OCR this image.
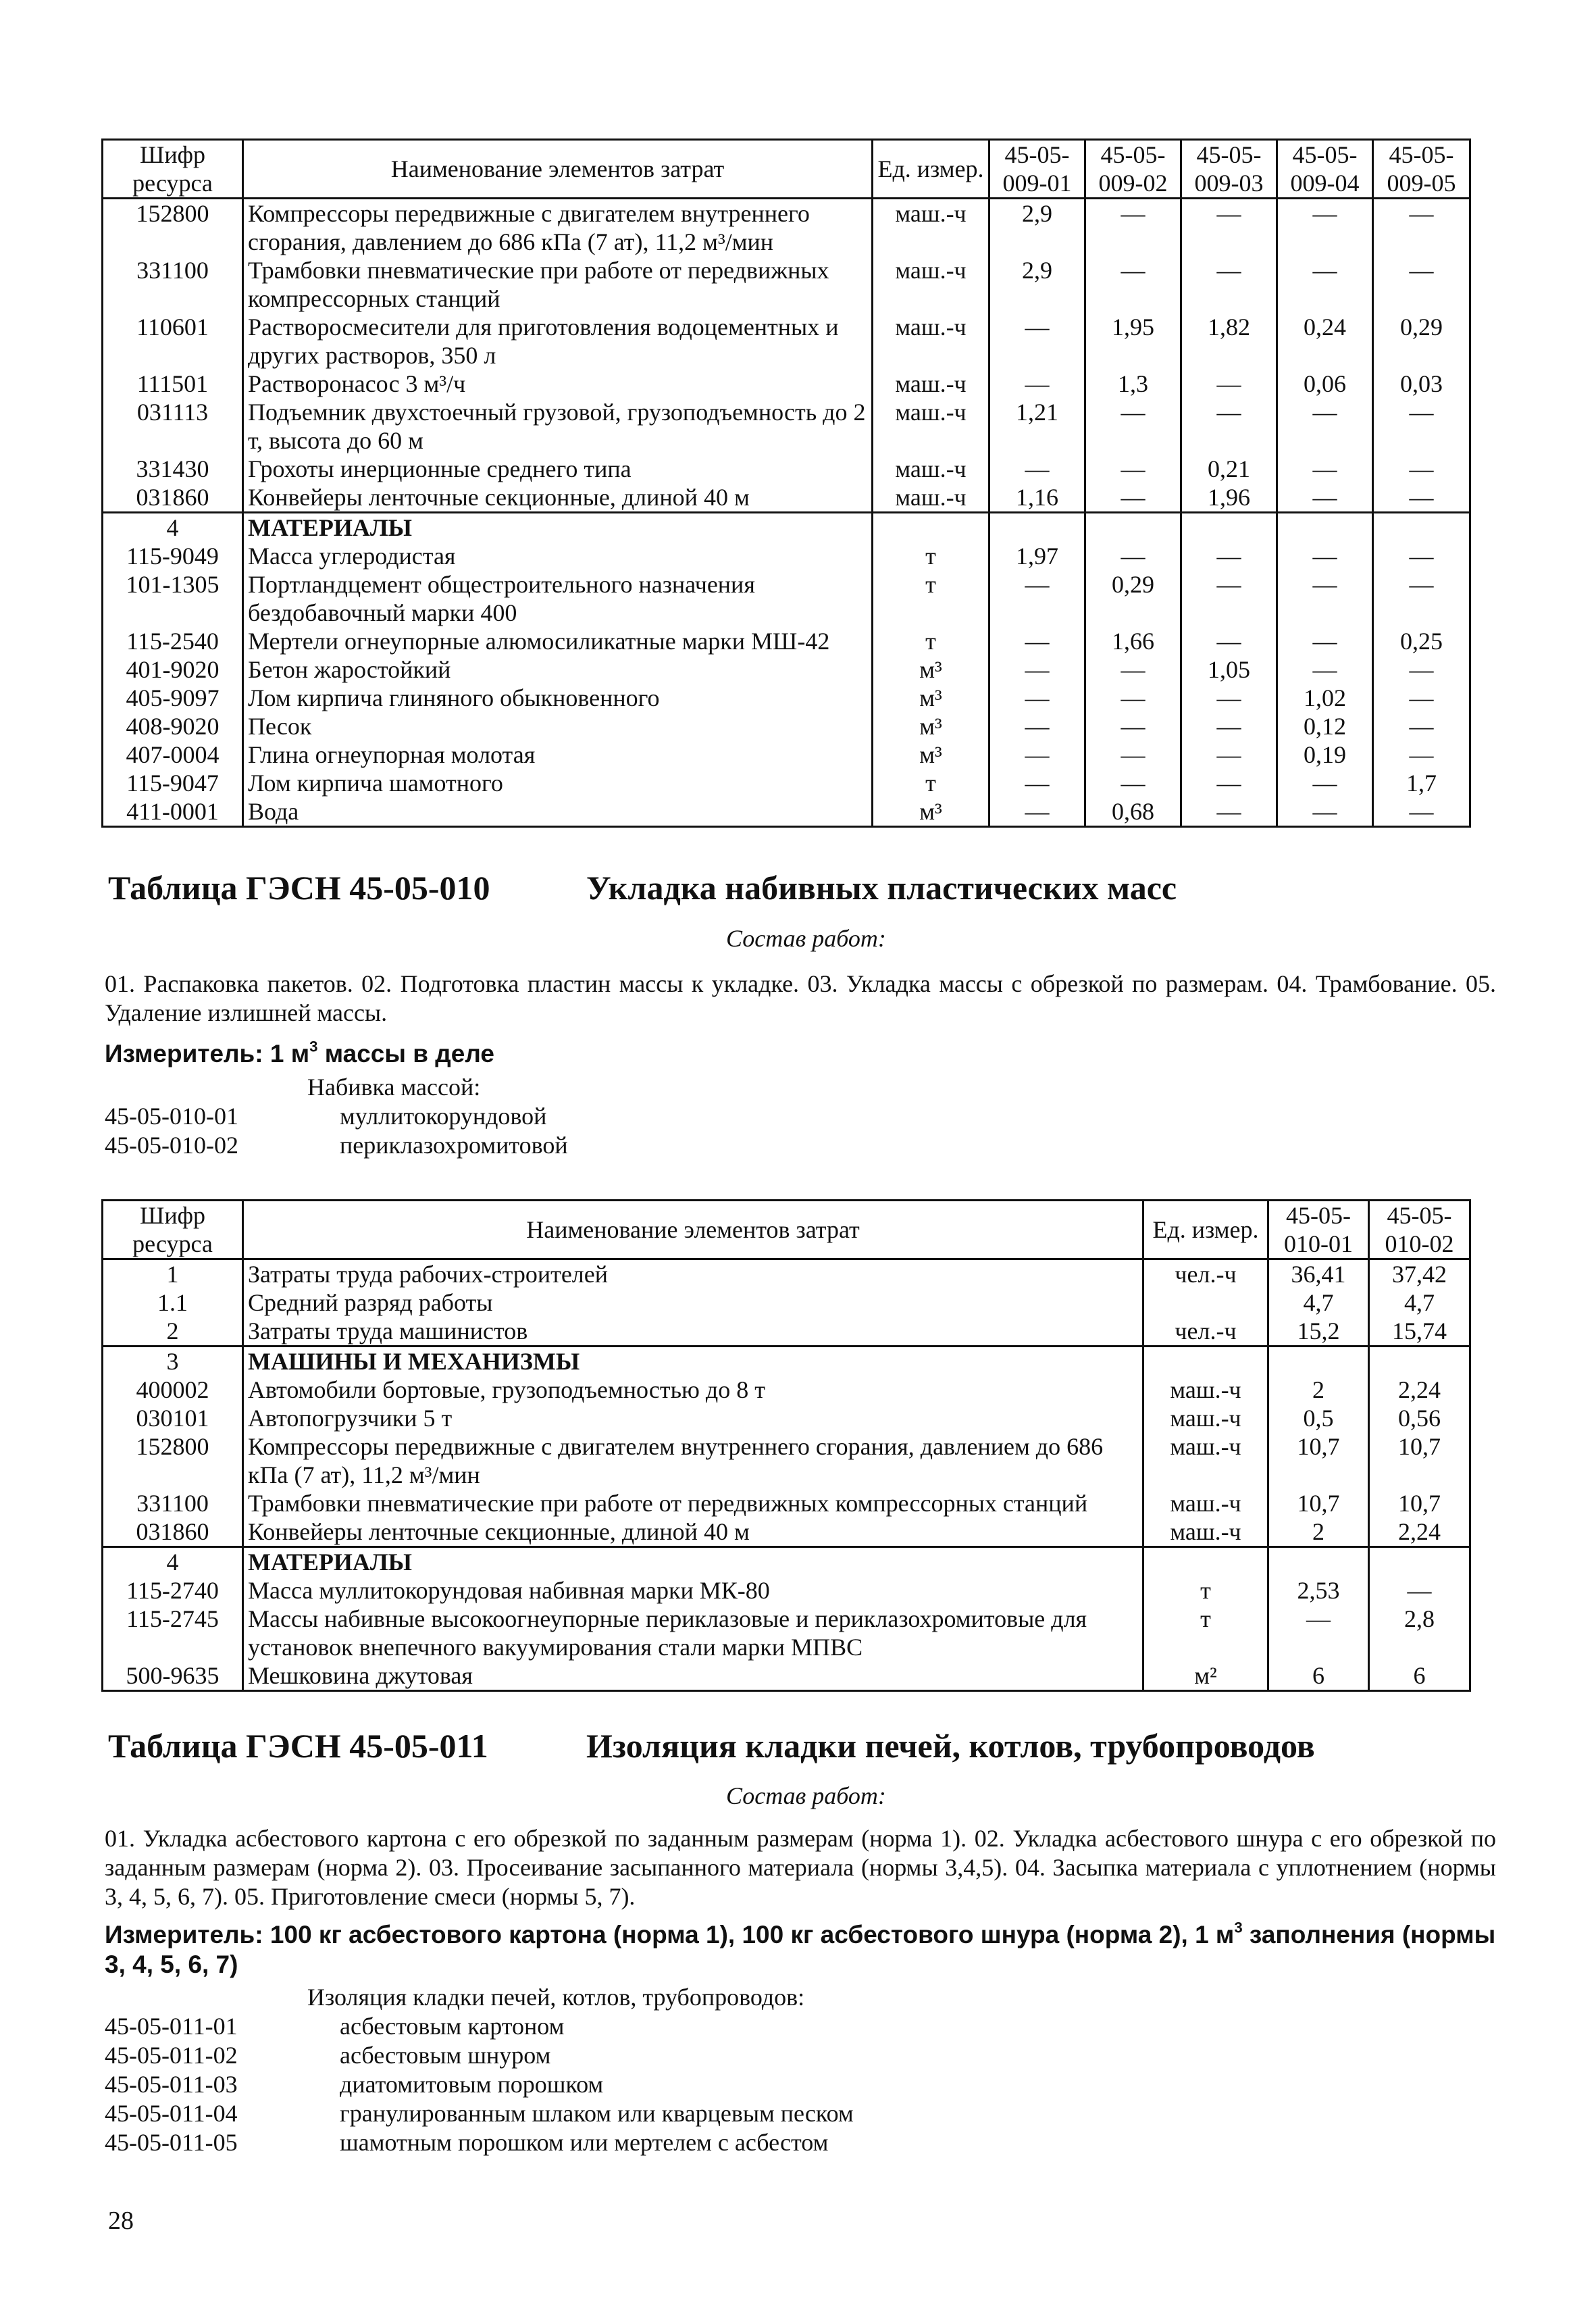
Шифр ресурса	Наименование элементов затрат	Ед. измер.	45-05-009-01	45-05-009-02	45-05-009-03	45-05-009-04	45-05-009-05
152800	Компрессоры передвижные с двигателем внутреннего сгорания, давлением до 686 кПа (7 ат), 11,2 м³/мин	маш.-ч	2,9	—	—	—	—
331100	Трамбовки пневматические при работе от передвижных компрессорных станций	маш.-ч	2,9	—	—	—	—
110601	Растворосмесители для приготовления водоцементных и других растворов, 350 л	маш.-ч	—	1,95	1,82	0,24	0,29
111501	Растворонасос 3 м³/ч	маш.-ч	—	1,3	—	0,06	0,03
031113	Подъемник двухстоечный грузовой, грузоподъемность до 2 т, высота до 60 м	маш.-ч	1,21	—	—	—	—
331430	Грохоты инерционные среднего типа	маш.-ч	—	—	0,21	—	—
031860	Конвейеры ленточные секционные, длиной 40 м	маш.-ч	1,16	—	1,96	—	—
4	МАТЕРИАЛЫ						
115-9049	Масса углеродистая	т	1,97	—	—	—	—
101-1305	Портландцемент общестроительного назначения бездобавочный марки 400	т	—	0,29	—	—	—
115-2540	Мертели огнеупорные алюмосиликатные марки МШ-42	т	—	1,66	—	—	0,25
401-9020	Бетон жаростойкий	м³	—	—	1,05	—	—
405-9097	Лом кирпича глиняного обыкновенного	м³	—	—	—	1,02	—
408-9020	Песок	м³	—	—	—	0,12	—
407-0004	Глина огнеупорная молотая	м³	—	—	—	0,19	—
115-9047	Лом кирпича шамотного	т	—	—	—	—	1,7
411-0001	Вода	м³	—	0,68	—	—	—
Таблица ГЭСН 45-05-010	Укладка набивных пластических масс
Состав работ:
01. Распаковка пакетов. 02. Подготовка пластин массы к укладке. 03. Укладка массы с обрезкой по размерам. 04. Трамбование. 05. Удаление излишней массы.
Измеритель: 1 $м^3$ массы в деле
Набивка массой:
45-05-010-01	муллитокорундовой
45-05-010-02	периклазохромитовой
Шифр ресурса	Наименование элементов затрат	Ед. измер.	45-05-010-01	45-05-010-02
1	Затраты труда рабочих-строителей	чел.-ч	36,41	37,42
1.1	Средний разряд работы		4,7	4,7
2	Затраты труда машинистов	чел.-ч	15,2	15,74
3	МАШИНЫ И МЕХАНИЗМЫ			
400002	Автомобили бортовые, грузоподъемностью до 8 т	маш.-ч	2	2,24
030101	Автопогрузчики 5 т	маш.-ч	0,5	0,56
152800	Компрессоры передвижные с двигателем внутреннего сгорания, давлением до 686 кПа (7 ат), 11,2 м³/мин	маш.-ч	10,7	10,7
331100	Трамбовки пневматические при работе от передвижных компрессорных станций	маш.-ч	10,7	10,7
031860	Конвейеры ленточные секционные, длиной 40 м	маш.-ч	2	2,24
4	МАТЕРИАЛЫ			
115-2740	Масса муллитокорундовая набивная марки МК-80	т	2,53	—
115-2745	Массы набивные высокоогнеупорные периклазовые и периклазохромитовые для установок внепечного вакуумирования стали марки МПВС	т	—	2,8
500-9635	Мешковина джутовая	м²	6	6
Таблица ГЭСН 45-05-011	Изоляция кладки печей, котлов, трубопроводов
Состав работ:
01. Укладка асбестового картона с его обрезкой по заданным размерам (норма 1). 02. Укладка асбестового шнура с его обрезкой по заданным размерам (норма 2). 03. Просеивание засыпанного материала (нормы 3,4,5). 04. Засыпка материала с уплотнением (нормы 3, 4, 5, 6, 7). 05. Приготовление смеси (нормы 5, 7).
Измеритель: 100 кг асбестового картона (норма 1), 100 кг асбестового шнура (норма 2), 1 $м^3$ заполнения (нормы 3, 4, 5, 6, 7)
Изоляция кладки печей, котлов, трубопроводов:
45-05-011-01	асбестовым картоном
45-05-011-02	асбестовым шнуром
45-05-011-03	диатомитовым порошком
45-05-011-04	гранулированным шлаком или кварцевым песком
45-05-011-05	шамотным порошком или мертелем с асбестом
28
